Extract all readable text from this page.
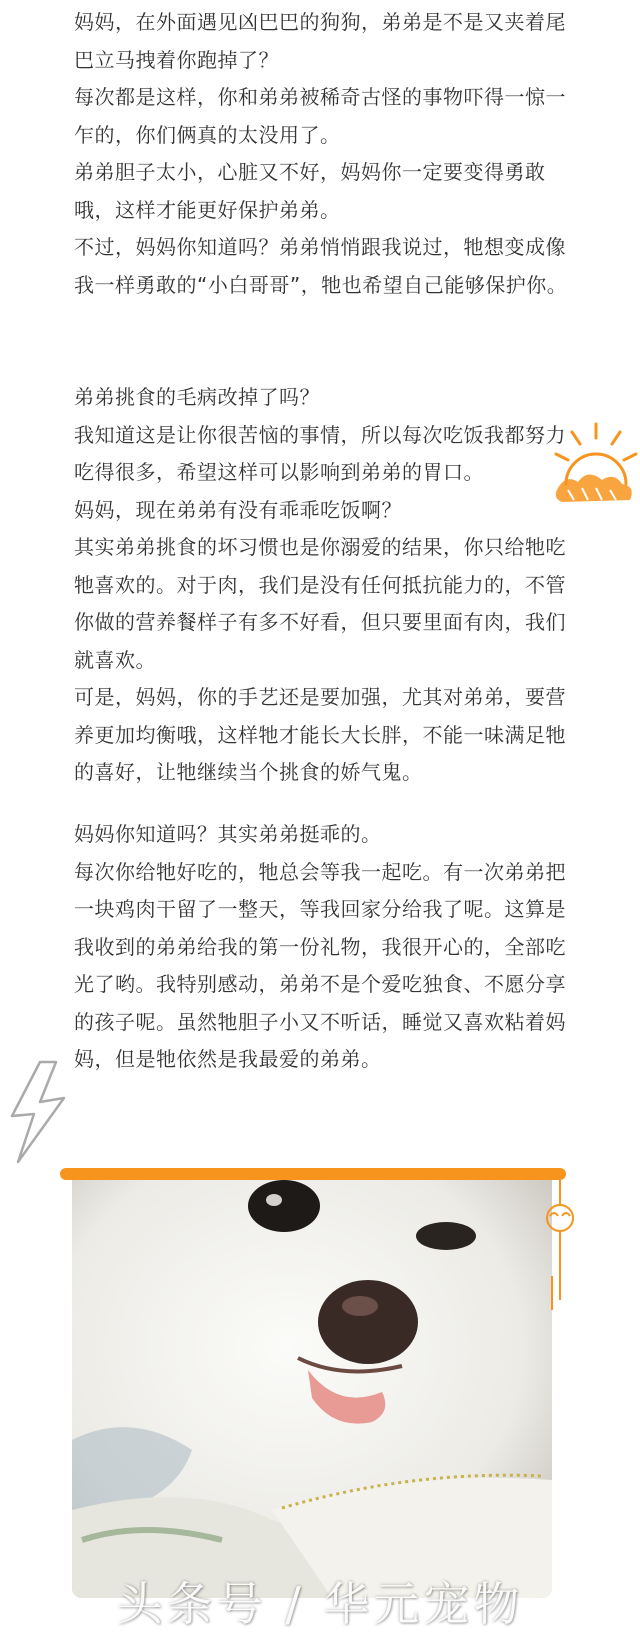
妈妈，在外面遇见凶巴巴的狗狗，弟弟是不是又夹着尾巴立马拽着你跑掉了？
每次都是这样，你和弟弟被稀奇古怪的事物吓得一惊一乍的，你们俩真的太没用了。
弟弟胆子太小，心脏又不好，妈妈你一定要变得勇敢哦，这样才能更好保护弟弟。
不过，妈妈你知道吗？弟弟悄悄跟我说过，牠想变成像我一样勇敢的“小白哥哥”，牠也希望自己能够保护你。
弟弟挑食的毛病改掉了吗？
我知道这是让你很苦恼的事情，所以每次吃饭我都努力吃得很多，希望这样可以影响到弟弟的胃口。
妈妈，现在弟弟有没有乖乖吃饭啊？
其实弟弟挑食的坏习惯也是你溺爱的结果，你只给牠吃牠喜欢的。对于肉，我们是没有任何抵抗能力的，不管你做的营养餐样子有多不好看，但只要里面有肉，我们就喜欢。
可是，妈妈，你的手艺还是要加强，尤其对弟弟，要营养更加均衡哦，这样牠才能长大长胖，不能一味满足牠的喜好，让牠继续当个挑食的娇气鬼。
妈妈你知道吗？其实弟弟挺乖的。
每次你给牠好吃的，牠总会等我一起吃。有一次弟弟把一块鸡肉干留了一整天，等我回家分给我了呢。这算是我收到的弟弟给我的第一份礼物，我很开心的，全部吃光了哟。我特别感动，弟弟不是个爱吃独食、不愿分享的孩子呢。虽然牠胆子小又不听话，睡觉又喜欢粘着妈妈，但是牠依然是我最爱的弟弟。
头条号 / 华元宠物
